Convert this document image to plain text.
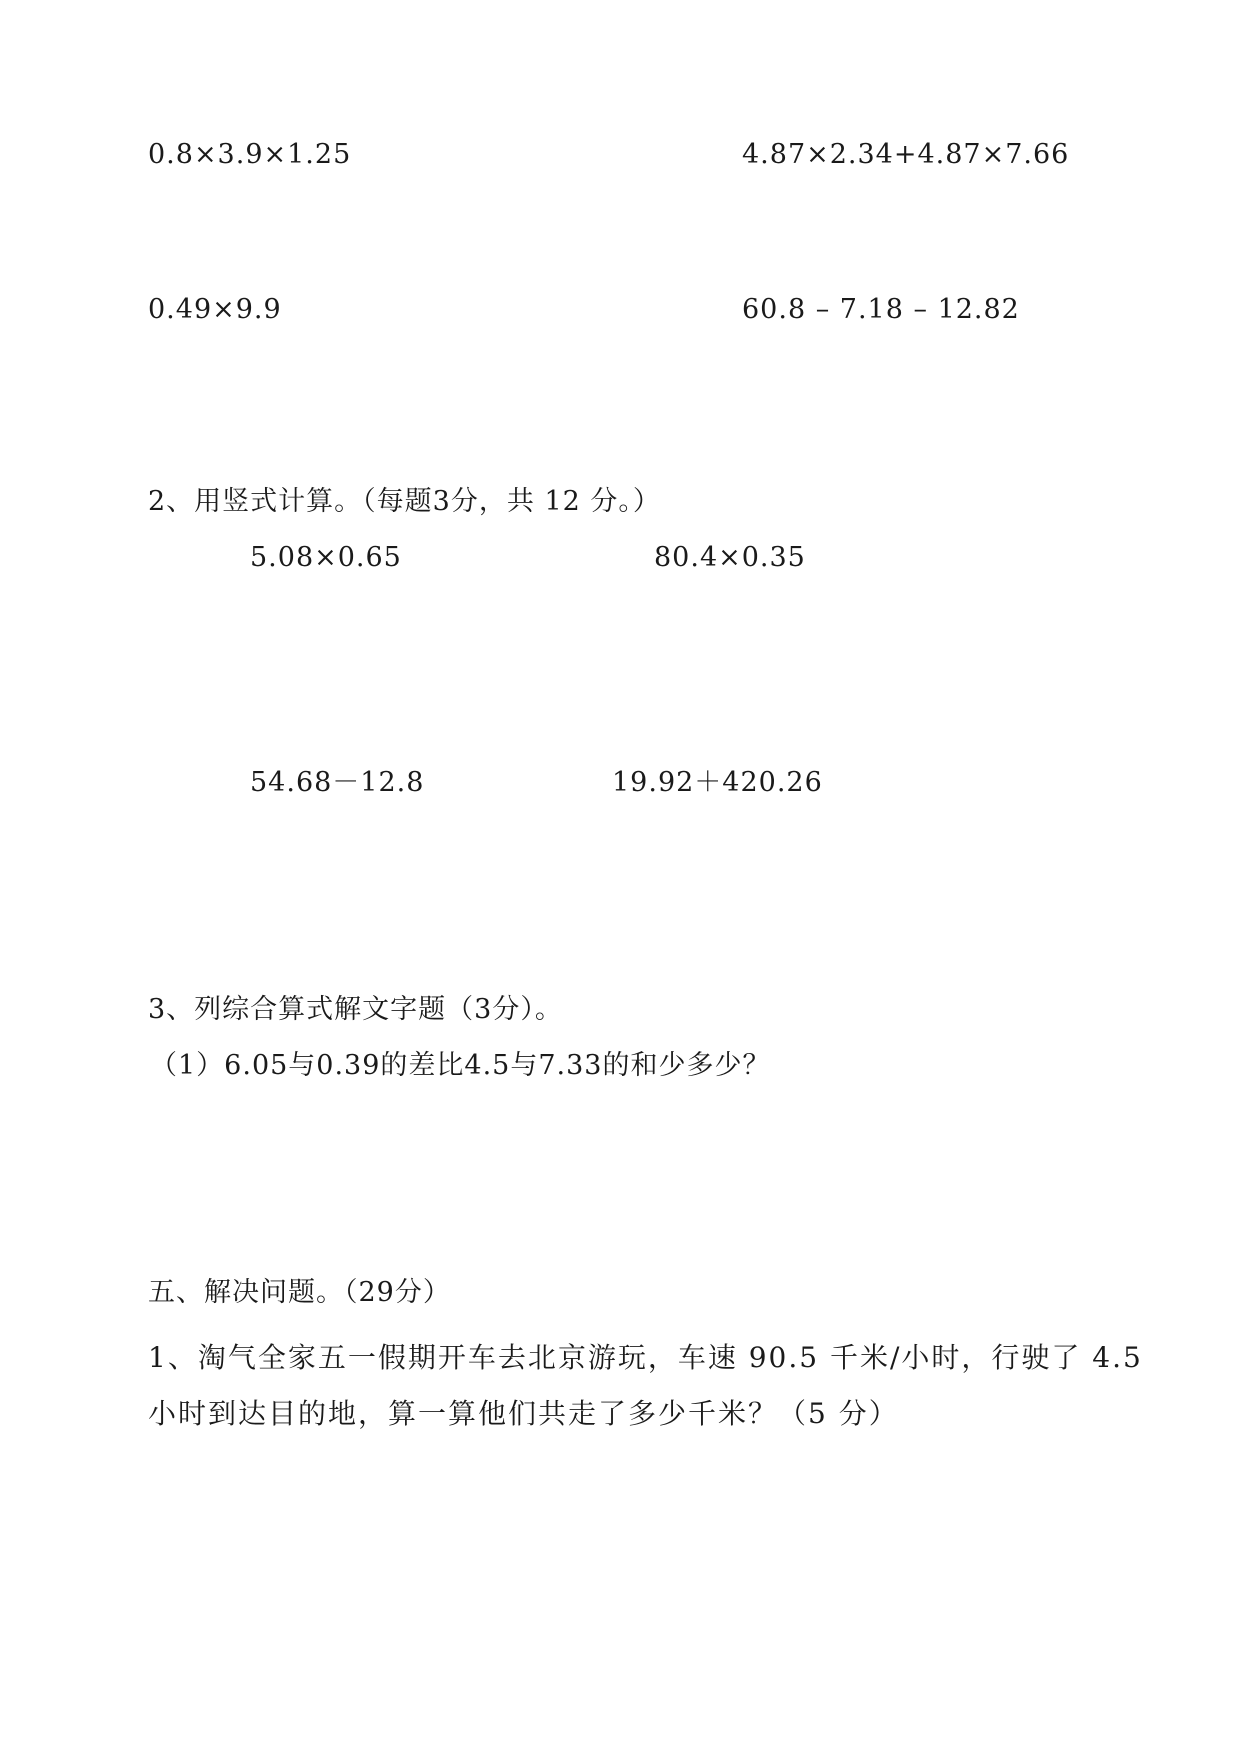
0.8×3.9×1.25	4.87×2.34+4.87×7.66
0.49×9.9	60.8 – 7.18 – 12.82
2、用竖式计算。（每题3分，共 12 分。）
5.08×0.65	80.4×0.35
54.68－12.8	19.92＋420.26
3、列综合算式解文字题（3分）。
（1）6.05与0.39的差比4.5与7.33的和少多少？
五、解决问题。（29分）
1、淘气全家五一假期开车去北京游玩，车速 90.5 千米/小时，行驶了 4.5
小时到达目的地，算一算他们共走了多少千米？（5 分）
